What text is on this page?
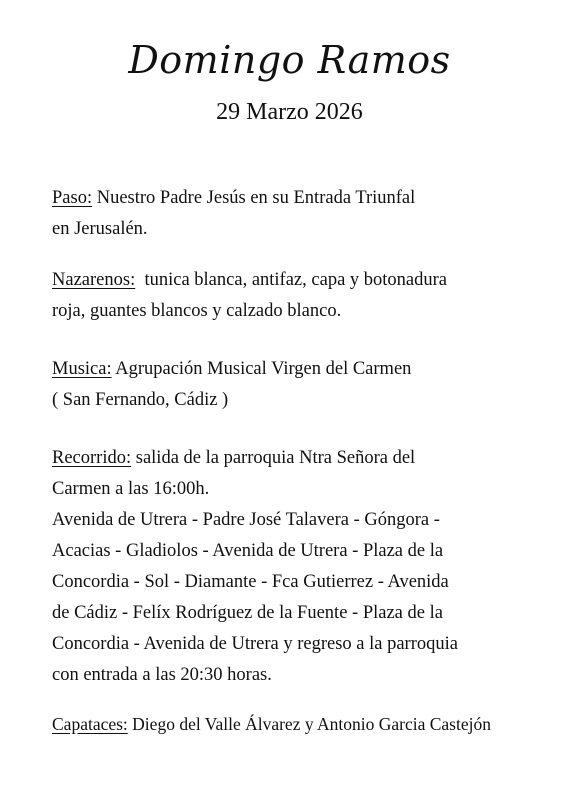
Domingo Ramos
29 Marzo 2026
Paso: Nuestro Padre Jesús en su Entrada Triunfal
en Jerusalén.
Nazarenos:  tunica blanca, antifaz, capa y botonadura
roja, guantes blancos y calzado blanco.
Musica: Agrupación Musical Virgen del Carmen
( San Fernando, Cádiz )
Recorrido: salida de la parroquia Ntra Señora del
Carmen a las 16:00h.
Avenida de Utrera - Padre José Talavera - Góngora -
Acacias - Gladiolos - Avenida de Utrera - Plaza de la
Concordia - Sol - Diamante - Fca Gutierrez - Avenida
de Cádiz - Felíx Rodríguez de la Fuente - Plaza de la
Concordia - Avenida de Utrera y regreso a la parroquia
con entrada a las 20:30 horas.
Capataces: Diego del Valle Álvarez y Antonio Garcia Castejón
